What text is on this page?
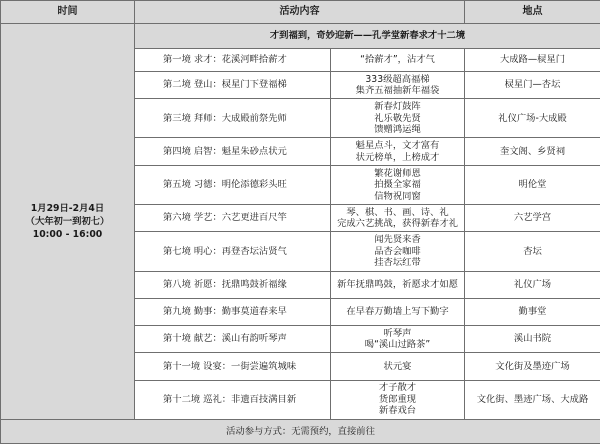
时间	活动内容		地点

1月29日-2月4日
（大年初一到初七）
10:00 - 16:00	才到福到，奇妙迎新——孔学堂新春求才十二境		
	第一境 求才：花溪河畔拾薪才	“拾薪才”，沾才气	大成路—棂星门
	第二境 登山：棂星门下登福梯	333级超高福梯
集齐五福抽新年福袋	棂星门—杏坛
	第三境 拜师：大成殿前祭先师	新春灯鼓阵
礼乐敬先贤
馈赠鸿运绳	礼仪广场-大成殿
	第四境 启智：魁星朱砂点状元	魁星点斗，文才富有
状元榜单，上榜成才	奎文阁、乡贤祠
	第五境 习德：明伦添德彩头旺	繁花谢师恩
拍摄全家福
信物祝同窗	明伦堂
	第六境 学艺：六艺更进百尺竿	琴、棋、书、画、诗、礼
完成六艺挑战，获得新春才礼	六艺学宫
	第七境 明心：再登杏坛沾贤气	闻先贤来香
品杏会咖啡
挂杏坛红带	杏坛
	第八境 祈愿：抚鼎鸣鼓祈福缘	新年抚鼎鸣鼓，祈愿求才如愿	礼仪广场
	第九境 勤事：勤事莫道春来早	在早春万勤墙上写下勤字	勤事堂
	第十境 献艺：溪山有韵听琴声	听琴声
喝“溪山过路茶”	溪山书院
	第十一境 设宴：一街尝遍筑城味	状元宴	文化街及墨迹广场
	第十二境 巡礼：非遗百技满目新	才子散才
货郎重现
新春戏台	文化街、墨迹广场、大成路
活动参与方式：无需预约，直接前往			
